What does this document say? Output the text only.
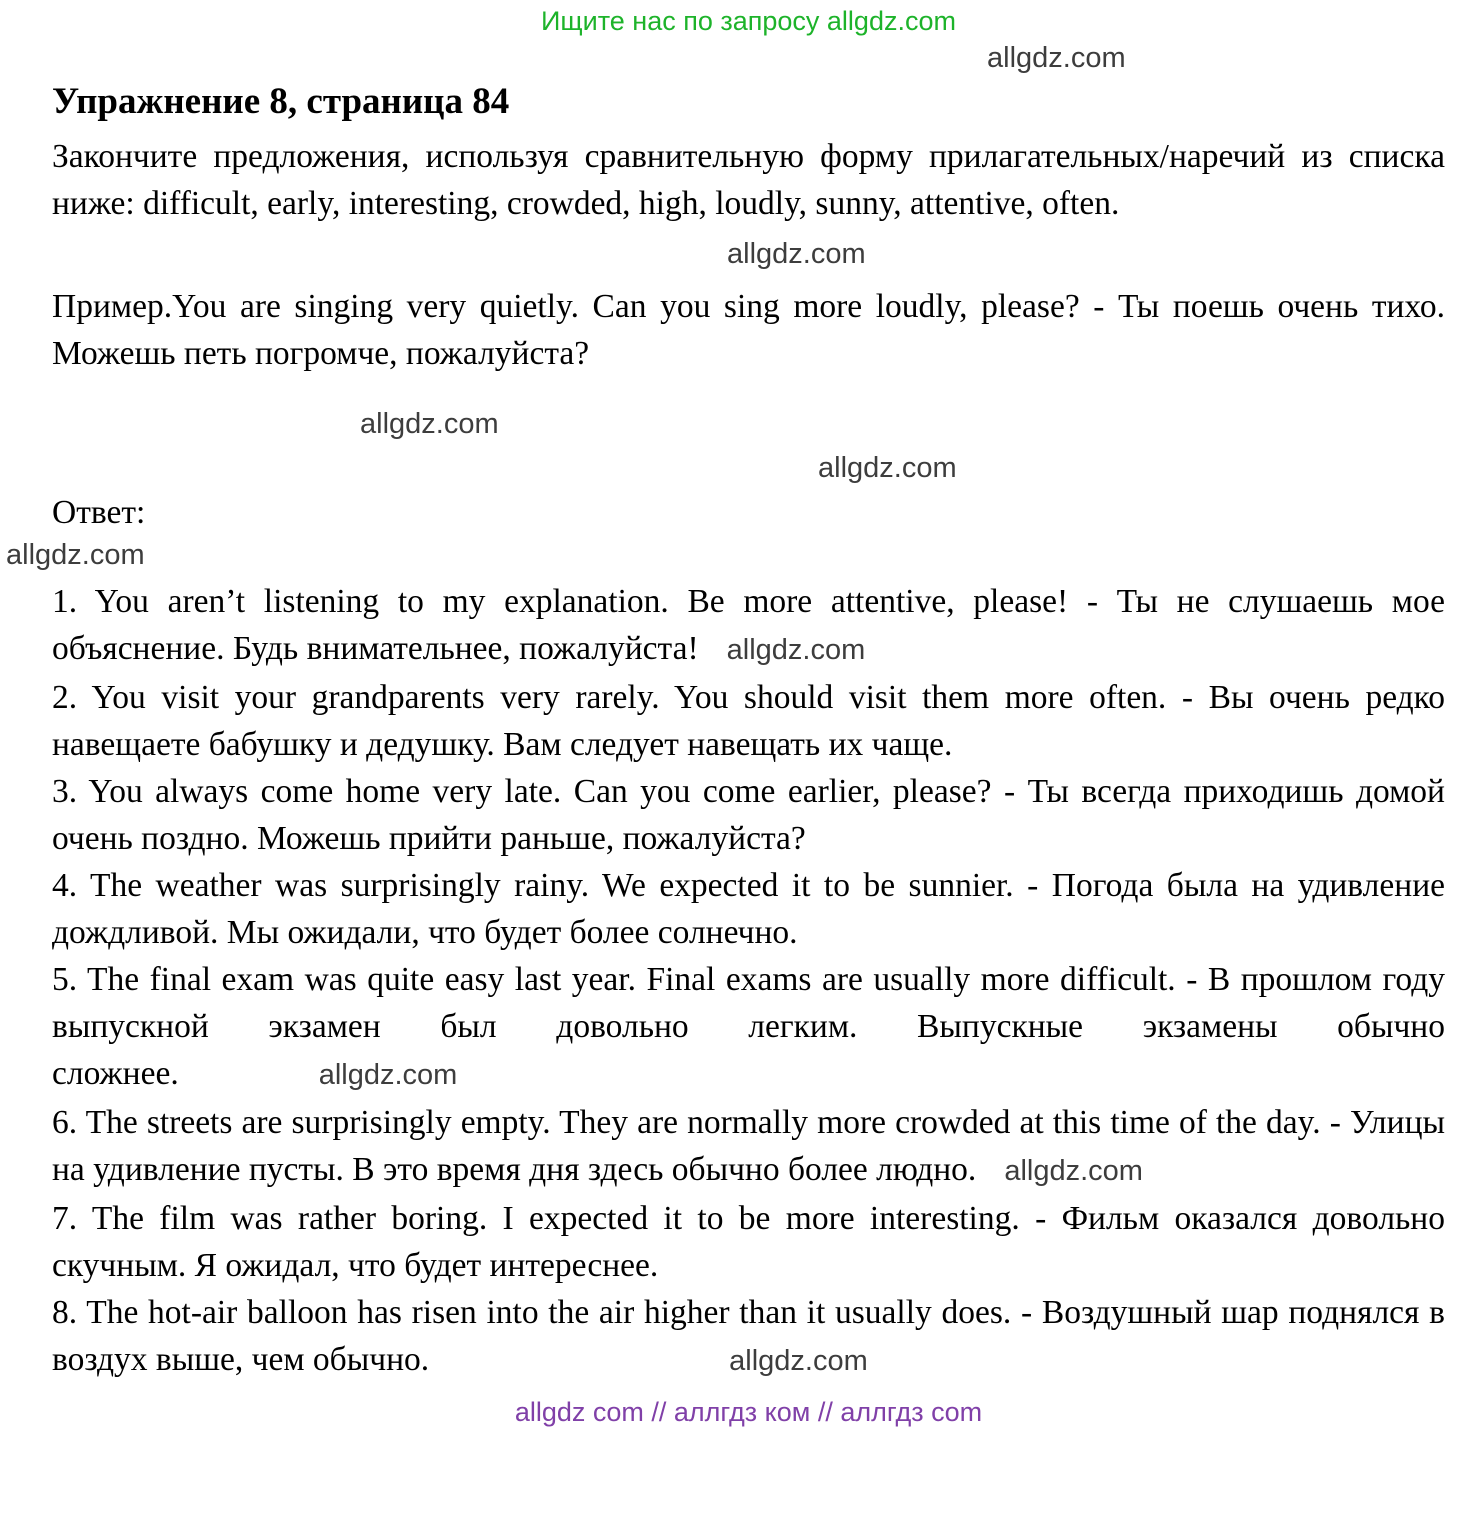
Ищите нас по запросу allgdz.com
allgdz.com
Упражнение 8, страница 84

Закончите предложения, используя сравнительную форму прилагательных/наречий из списка ниже: difficult, early, interesting, crowded, high, loudly, sunny, attentive, often.

allgdz.com

Пример.You are singing very quietly. Can you sing more loudly, please? - Ты поешь очень тихо. Можешь петь погромче, пожалуйста?

allgdz.com
allgdz.com

Ответ:

allgdz.com

1. You aren’t listening to my explanation. Be more attentive, please! - Ты не слушаешь мое объяснение. Будь внимательнее, пожалуйста! allgdz.com

2. You visit your grandparents very rarely. You should visit them more often. - Вы очень редко навещаете бабушку и дедушку. Вам следует навещать их чаще.

3. You always come home very late. Can you come earlier, please? - Ты всегда приходишь домой очень поздно. Можешь прийти раньше, пожалуйста?

4. The weather was surprisingly rainy. We expected it to be sunnier. - Погода была на удивление дождливой. Мы ожидали, что будет более солнечно.

5. The final exam was quite easy last year. Final exams are usually more difficult. - В прошлом году выпускной экзамен был довольно легким. Выпускные экзамены обычно сложнее.	allgdz.com

6. The streets are surprisingly empty. They are normally more crowded at this time of the day. - Улицы на удивление пусты. В это время дня здесь обычно более людно. allgdz.com

7. The film was rather boring. I expected it to be more interesting. - Фильм оказался довольно скучным. Я ожидал, что будет интереснее.

8. The hot-air balloon has risen into the air higher than it usually does. - Воздушный шар поднялся в воздух выше, чем обычно.	allgdz.com

allgdz com // аллгдз ком // аллгдз com
